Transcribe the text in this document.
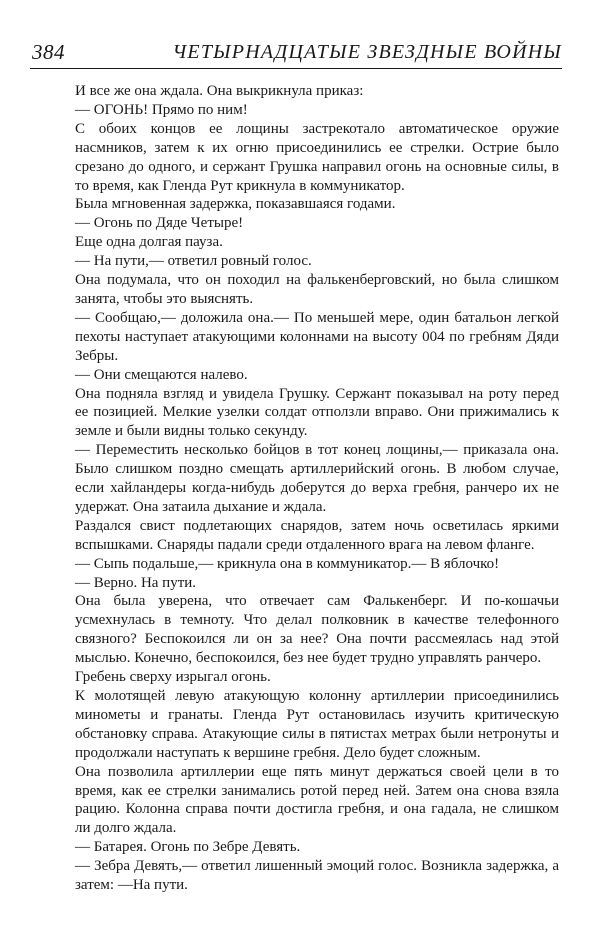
384	ЧЕТЫРНАДЦАТЫЕ ЗВЕЗДНЫЕ ВОЙНЫ

И все же она ждала. Она выкрикнула приказ:

— ОГОНЬ! Прямо по ним!

С обоих концов ее лощины застрекотало автоматическое оружие насмников, затем к их огню присоединились ее стрелки. Острие было срезано до одного, и сержант Грушка направил огонь на основные силы, в то время, как Гленда Рут крикнула в коммуникатор.

Была мгновенная задержка, показавшаяся годами.

— Огонь по Дяде Четыре!

Еще одна долгая пауза.

— На пути,— ответил ровный голос.

Она подумала, что он походил на фалькенберговский, но была слишком занята, чтобы это выяснять.

— Сообщаю,— доложила она.— По меньшей мере, один батальон легкой пехоты наступает атакующими колоннами на высоту 004 по гребням Дяди Зебры.

— Они смещаются налево.

Она подняла взгляд и увидела Грушку. Сержант показывал на роту перед ее позицией. Мелкие узелки солдат отползли вправо. Они прижимались к земле и были видны только секунду.

— Переместить несколько бойцов в тот конец лощины,— приказала она. Было слишком поздно смещать артиллерийский огонь. В любом случае, если хайландеры когда-нибудь доберутся до верха гребня, ранчеро их не удержат. Она затаила дыхание и ждала.

Раздался свист подлетающих снарядов, затем ночь осветилась яркими вспышками. Снаряды падали среди отдаленного врага на левом фланге.

— Сыпь подальше,— крикнула она в коммуникатор.— В яблочко!

— Верно. На пути.

Она была уверена, что отвечает сам Фалькенберг. И по-кошачьи усмехнулась в темноту. Что делал полковник в качестве телефонного связного? Беспокоился ли он за нее? Она почти рассмеялась над этой мыслью. Конечно, беспокоился, без нее будет трудно управлять ранчеро.

Гребень сверху изрыгал огонь.

К молотящей левую атакующую колонну артиллерии присоединились минометы и гранаты. Гленда Рут остановилась изучить критическую обстановку справа. Атакующие силы в пятистах метрах были нетронуты и продолжали наступать к вершине гребня. Дело будет сложным.

Она позволила артиллерии еще пять минут держаться своей цели в то время, как ее стрелки занимались ротой перед ней. Затем она снова взяла рацию. Колонна справа почти достигла гребня, и она гадала, не слишком ли долго ждала.

— Батарея. Огонь по Зебре Девять.

— Зебра Девять,— ответил лишенный эмоций голос. Возникла задержка, а затем: —На пути.
